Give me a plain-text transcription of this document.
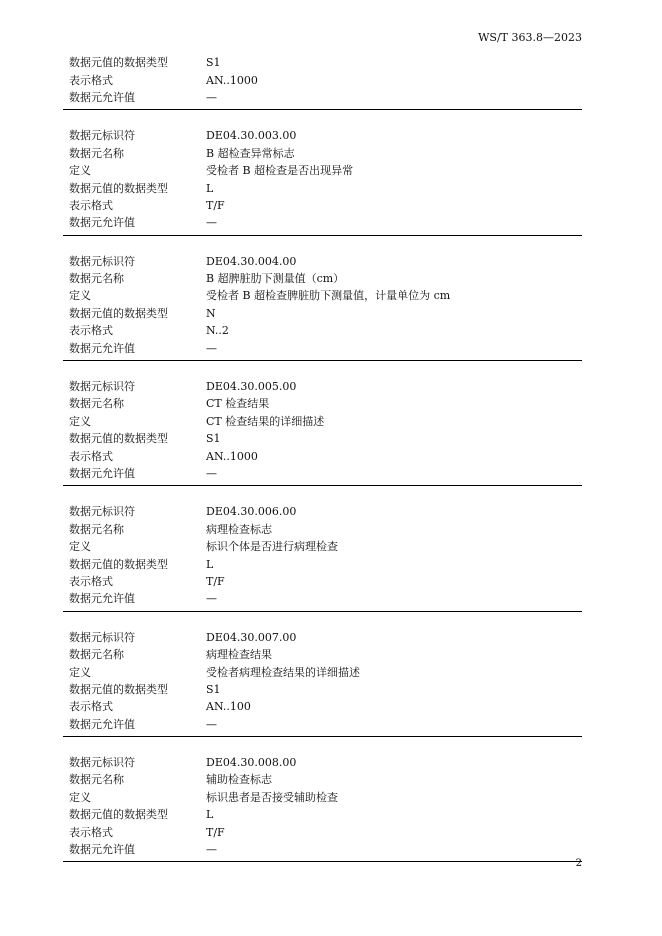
WS/T 363.8—2023
数据元值的数据类型	S1
表示格式	AN..1000
数据元允许值	—
数据元标识符	DE04.30.003.00
数据元名称	B 超检查异常标志
定义	受检者 B 超检查是否出现异常
数据元值的数据类型	L
表示格式	T/F
数据元允许值	—
数据元标识符	DE04.30.004.00
数据元名称	B 超脾脏肋下测量值（cm）
定义	受检者 B 超检查脾脏肋下测量值，计量单位为 cm
数据元值的数据类型	N
表示格式	N..2
数据元允许值	—
数据元标识符	DE04.30.005.00
数据元名称	CT 检查结果
定义	CT 检查结果的详细描述
数据元值的数据类型	S1
表示格式	AN..1000
数据元允许值	—
数据元标识符	DE04.30.006.00
数据元名称	病理检查标志
定义	标识个体是否进行病理检查
数据元值的数据类型	L
表示格式	T/F
数据元允许值	—
数据元标识符	DE04.30.007.00
数据元名称	病理检查结果
定义	受检者病理检查结果的详细描述
数据元值的数据类型	S1
表示格式	AN..100
数据元允许值	—
数据元标识符	DE04.30.008.00
数据元名称	辅助检查标志
定义	标识患者是否接受辅助检查
数据元值的数据类型	L
表示格式	T/F
数据元允许值	—
2
